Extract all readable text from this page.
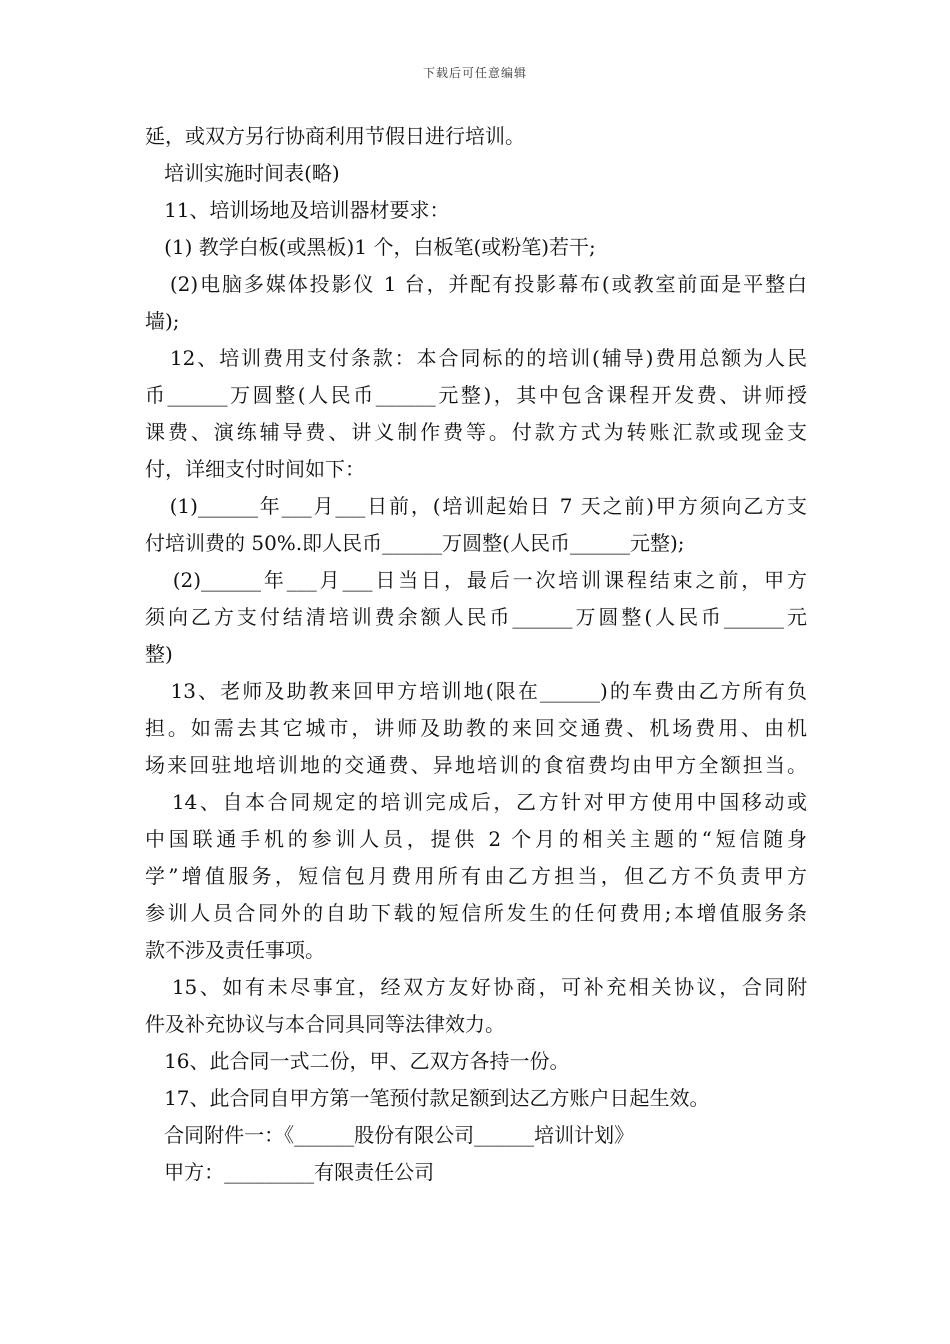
下载后可任意编辑
延，或双方另行协商利用节假日进行培训。
培训实施时间表(略)
11、培训场地及培训器材要求：
(1) 教学白板(或黑板)1 个，白板笔(或粉笔)若干;
(2)电脑多媒体投影仪 1 台，并配有投影幕布(或教室前面是平整白
墙);
12、培训费用支付条款：本合同标的的培训(辅导)费用总额为人民
币______万圆整(人民币______元整)，其中包含课程开发费、讲师授
课费、演练辅导费、讲义制作费等。付款方式为转账汇款或现金支
付，详细支付时间如下：
(1)______年___月___日前，(培训起始日 7 天之前)甲方须向乙方支
付培训费的 50%.即人民币______万圆整(人民币______元整);
(2)______年___月___日当日，最后一次培训课程结束之前，甲方
须向乙方支付结清培训费余额人民币______万圆整(人民币______元
整)
13、老师及助教来回甲方培训地(限在______)的车费由乙方所有负
担。如需去其它城市，讲师及助教的来回交通费、机场费用、由机
场来回驻地培训地的交通费、异地培训的食宿费均由甲方全额担当。
14、自本合同规定的培训完成后，乙方针对甲方使用中国移动或
中国联通手机的参训人员，提供 2 个月的相关主题的“短信随身
学”增值服务，短信包月费用所有由乙方担当，但乙方不负责甲方
参训人员合同外的自助下载的短信所发生的任何费用;本增值服务条
款不涉及责任事项。
15、如有未尽事宜，经双方友好协商，可补充相关协议，合同附
件及补充协议与本合同具同等法律效力。
16、此合同一式二份，甲、乙双方各持一份。
17、此合同自甲方第一笔预付款足额到达乙方账户日起生效。
合同附件一：《______股份有限公司______培训计划》
甲方：_________有限责任公司
